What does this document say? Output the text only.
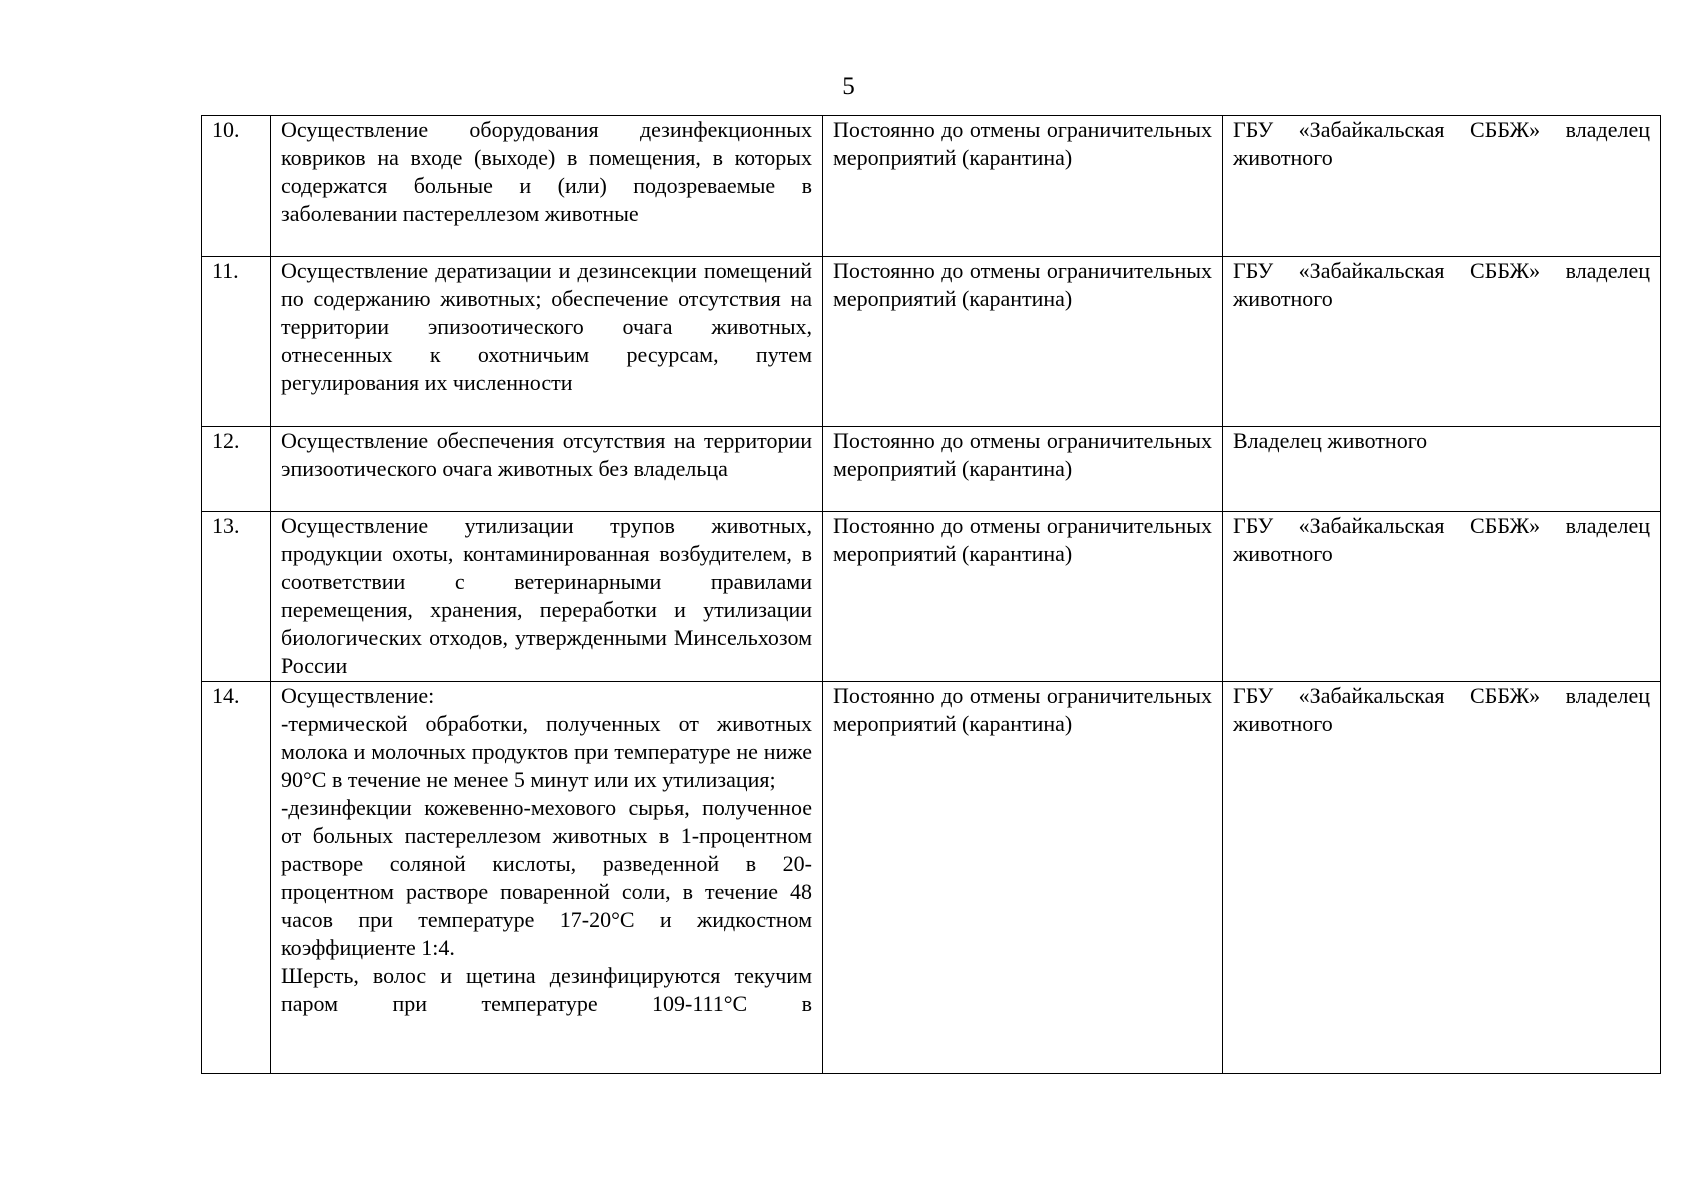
5
10.	Осуществление оборудования дезинфекционных ковриков на входе (выходе) в помещения, в которых содержатся больные и (или) подозреваемые в заболевании пастереллезом животные	Постоянно до отмены ограничительных мероприятий (карантина)	ГБУ «Забайкальская СББЖ» владелец животного

11.	Осуществление дератизации и дезинсекции помещений по содержанию животных; обеспечение отсутствия на территории эпизоотического очага животных, отнесенных к охотничьим ресурсам, путем регулирования их численности	Постоянно до отмены ограничительных мероприятий (карантина)	ГБУ «Забайкальская СББЖ» владелец животного

12.	Осуществление обеспечения отсутствия на территории эпизоотического очага животных без владельца	Постоянно до отмены ограничительных мероприятий (карантина)	Владелец животного

13.	Осуществление утилизации трупов животных, продукции охоты, контаминированная возбудителем, в соответствии с ветеринарными правилами перемещения, хранения, переработки и утилизации биологических отходов, утвержденными Минсельхозом России	Постоянно до отмены ограничительных мероприятий (карантина)	ГБУ «Забайкальская СББЖ» владелец животного

14.	Осуществление:
-термической обработки, полученных от животных молока и молочных продуктов при температуре не ниже 90°С в течение не менее 5 минут или их утилизация;
-дезинфекции кожевенно-мехового сырья, полученное от больных пастереллезом животных в 1-процентном растворе соляной кислоты, разведенной в 20-процентном растворе поваренной соли, в течение 48 часов при температуре 17-20°С и жидкостном коэффициенте 1:4.
Шерсть, волос и щетина дезинфицируются текучим паром при температуре 109-111°С в	Постоянно до отмены ограничительных мероприятий (карантина)	ГБУ «Забайкальская СББЖ» владелец животного
